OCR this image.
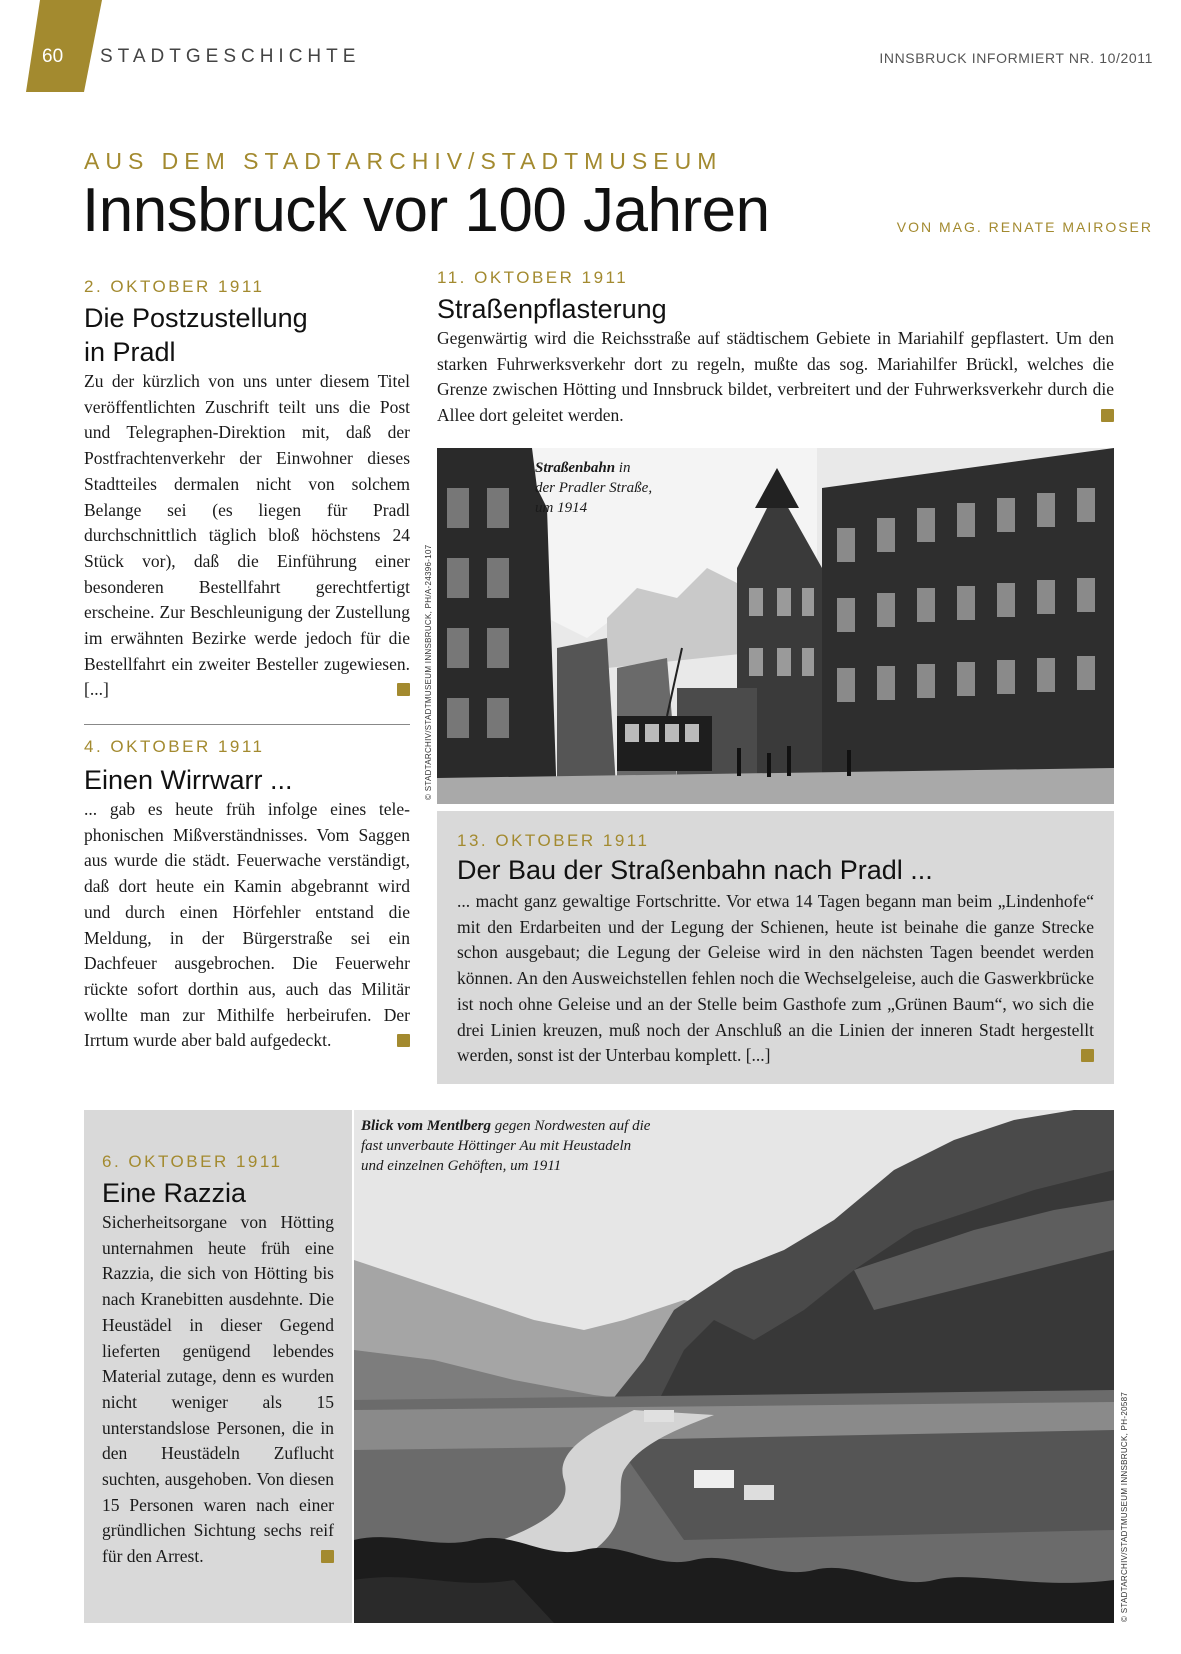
60 STADTGESCHICHTE	INNSBRUCK INFORMIERT NR. 10/2011
AUS DEM STADTARCHIV/STADTMUSEUM
Innsbruck vor 100 Jahren	VON MAG. RENATE MAIROSER
2. OKTOBER 1911
Die Postzustellung
in Pradl
Zu der kürzlich von uns unter diesem Titel veröffentlichten Zuschrift teilt uns die Post und Telegraphen-Direktion mit, daß der Postfrachtenverkehr der Einwohner dieses Stadtteiles dermalen nicht von solchem Belange sei (es liegen für Pradl durchschnittlich täglich bloß höchstens 24 Stück vor), daß die Einführung einer besonderen Bestellfahrt gerechtfertigt erscheine. Zur Beschleunigung der Zustellung im erwähnten Bezirke werde jedoch für die Bestellfahrt ein zweiter Besteller zugewiesen. [...]
4. OKTOBER 1911
Einen Wirrwarr ...
... gab es heute früh infolge eines telephonischen Mißverständnisses. Vom Saggen aus wurde die städt. Feuerwache verständigt, daß dort heute ein Kamin abgebrannt wird und durch einen Hörfehler entstand die Meldung, in der Bürgerstraße sei ein Dachfeuer ausgebrochen. Die Feuerwehr rückte sofort dorthin aus, auch das Militär wollte man zur Mithilfe herbeirufen. Der Irrtum wurde aber bald aufgedeckt.
11. OKTOBER 1911
Straßenpflasterung
Gegenwärtig wird die Reichsstraße auf städtischem Gebiete in Mariahilf gepflastert. Um den starken Fuhrwerksverkehr dort zu regeln, mußte das sog. Mariahilfer Brückl, welches die Grenze zwischen Hötting und Innsbruck bildet, verbreitert und der Fuhrwerksverkehr durch die Allee dort geleitet werden.
© STADTARCHIV/STADTMUSEUM INNSBRUCK, PH/A-24396-107
Straßenbahn in
der Pradler Straße,
um 1914
13. OKTOBER 1911
Der Bau der Straßenbahn nach Pradl ...
... macht ganz gewaltige Fortschritte. Vor etwa 14 Tagen begann man beim „Lindenhofe“ mit den Erdarbeiten und der Legung der Schienen, heute ist beinahe die ganze Strecke schon ausgebaut; die Legung der Geleise wird in den nächsten Tagen beendet werden können. An den Ausweichstellen fehlen noch die Wechselgeleise, auch die Gaswerkbrücke ist noch ohne Geleise und an der Stelle beim Gasthofe zum „Grünen Baum“, wo sich die drei Linien kreuzen, muß noch der Anschluß an die Linien der inneren Stadt hergestellt werden, sonst ist der Unterbau komplett. [...]
6. OKTOBER 1911
Eine Razzia
Sicherheitsorgane von Hötting unternahmen heute früh eine Razzia, die sich von Hötting bis nach Kranebitten ausdehnte. Die Heustädel in dieser Gegend lieferten genügend lebendes Material zutage, denn es wurden nicht weniger als 15 unterstandslose Personen, die in den Heustädeln Zuflucht suchten, ausgehoben. Von diesen 15 Personen waren nach einer gründlichen Sichtung sechs reif für den Arrest.
Blick vom Mentlberg gegen Nordwesten auf die
fast unverbaute Höttinger Au mit Heustadeln
und einzelnen Gehöften, um 1911
© STADTARCHIV/STADTMUSEUM INNSBRUCK, PH-20587
